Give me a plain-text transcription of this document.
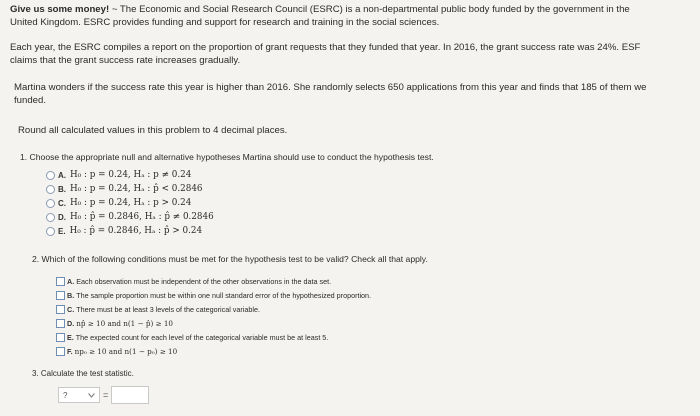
Give us some money! ~ The Economic and Social Research Council (ESRC) is a non-departmental public body funded by the government in the
United Kingdom. ESRC provides funding and support for research and training in the social sciences.
Each year, the ESRC compiles a report on the proportion of grant requests that they funded that year. In 2016, the grant success rate was 24%. ESF
claims that the grant success rate increases gradually.
Martina wonders if the success rate this year is higher than 2016. She randomly selects 650 applications from this year and finds that 185 of them we
funded.
Round all calculated values in this problem to 4 decimal places.
1. Choose the appropriate null and alternative hypotheses Martina should use to conduct the hypothesis test.
A. H₀ : p = 0.24, Hₐ : p ≠ 0.24
B. H₀ : p = 0.24, Hₐ : p̂ < 0.2846
C. H₀ : p = 0.24, Hₐ : p > 0.24
D. H₀ : p̂ = 0.2846, Hₐ : p̂ ≠ 0.2846
E. H₀ : p̂ = 0.2846, Hₐ : p̂ > 0.24
2. Which of the following conditions must be met for the hypothesis test to be valid? Check all that apply.
A. Each observation must be independent of the other observations in the data set.
B. The sample proportion must be within one null standard error of the hypothesized proportion.
C. There must be at least 3 levels of the categorical variable.
D. np̂ ≥ 10 and n(1 − p̂) ≥ 10
E. The expected count for each level of the categorical variable must be at least 5.
F. np₀ ≥ 10 and n(1 − p₀) ≥ 10
3. Calculate the test statistic.
?	=
